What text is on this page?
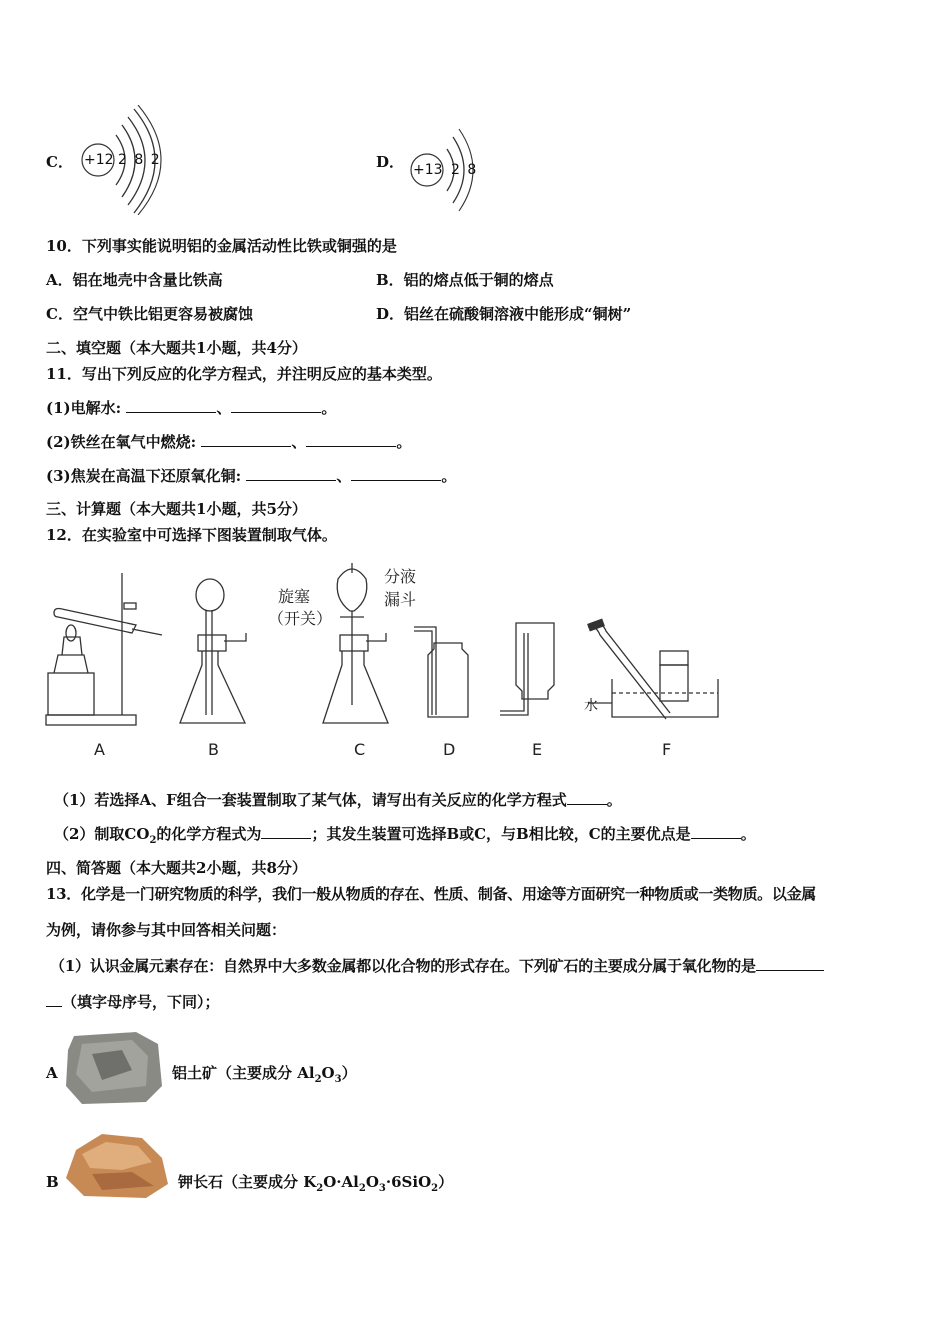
C． +12 2 8 2	D． +13 2 8
10．下列事实能说明铝的金属活动性比铁或铜强的是
A．铝在地壳中含量比铁高	B．铝的熔点低于铜的熔点
C．空气中铁比铝更容易被腐蚀	D．铝丝在硫酸铜溶液中能形成“铜树”
二、填空题（本大题共1小题，共4分）
11．写出下列反应的化学方程式，并注明反应的基本类型。
(1)电解水:	、	。
(2)铁丝在氧气中燃烧:	、	。
(3)焦炭在高温下还原氧化铜:	、	。
三、计算题（本大题共1小题，共5分）
12．在实验室中可选择下图装置制取气体。
旋塞
（开关）
分液
漏斗
水
A	B	C	D	E	F
（1）若选择A、F组合一套装置制取了某气体，请写出有关反应的化学方程式	。
（2）制取$CO_2$的化学方程式为	；其发生装置可选择B或C，与B相比较，C的主要优点是	。
四、简答题（本大题共2小题，共8分）
13．化学是一门研究物质的科学，我们一般从物质的存在、性质、制备、用途等方面研究一种物质或一类物质。以金属
为例，请你参与其中回答相关问题：
（1）认识金属元素存在：自然界中大多数金属都以化合物的形式存在。下列矿石的主要成分属于氧化物的是
（填字母序号，下同）；
A	铝土矿（主要成分 $Al_2O_3$）
B	钾长石（主要成分 $K_2O\cdot Al_2O_3\cdot 6SiO_2$）
